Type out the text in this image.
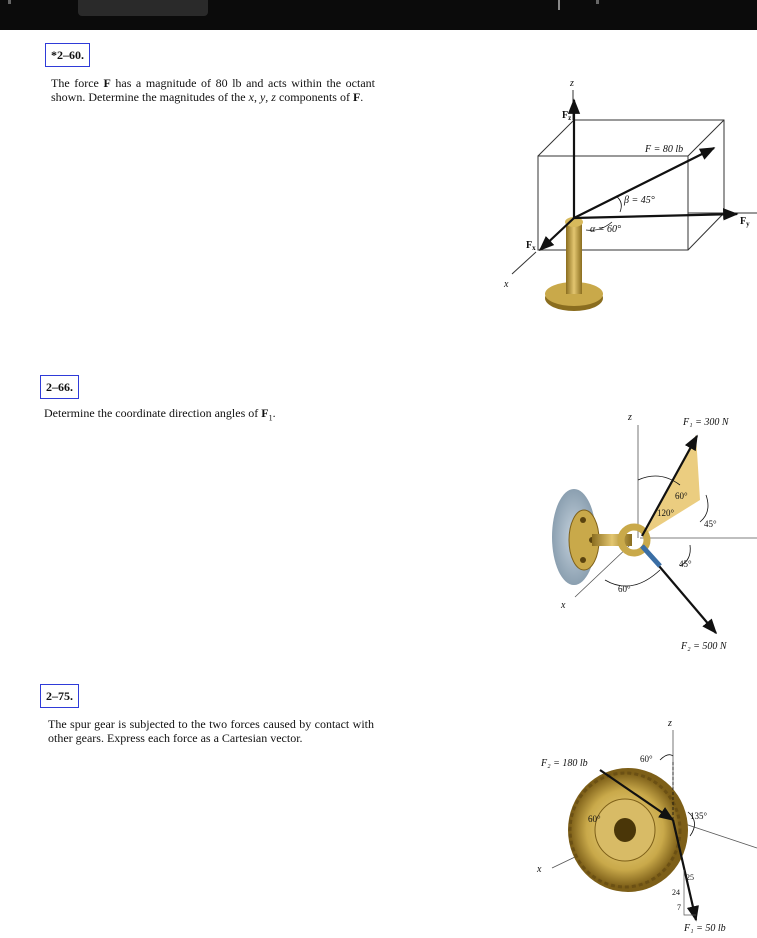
*2–60.
The force F has a magnitude of 80 lb and acts within the octant shown. Determine the magnitudes of the x, y, z components of F.
2–66.
Determine the coordinate direction angles of $F_1$.
2–75.
The spur gear is subjected to the two forces caused by contact with other gears. Express each force as a Cartesian vector.
z
x
$F_z$
F = 80 lb
β = 45°
α = 60°
$F_y$
$F_x$
z
x
F₁ = 300 N
60°
120°
45°
45°
60°
F₂ = 500 N
z
x
F₂ = 180 lb	60°
60°	135°
25
24
7
F₁ = 50 lb
